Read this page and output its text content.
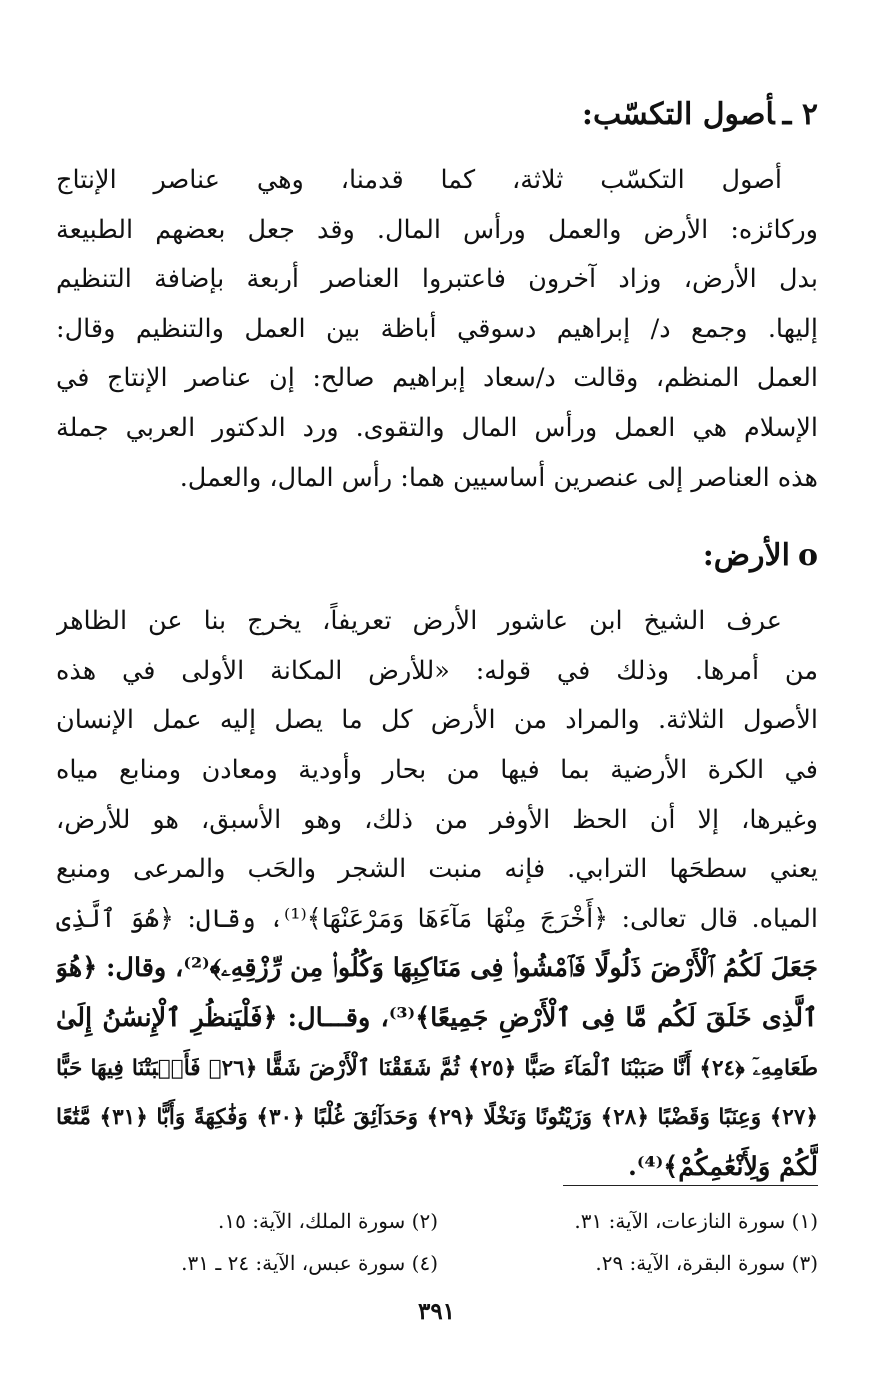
٢ ـأصول التكسّب:
أصول التكسّب ثلاثة، كما قدمنا، وهي عناصر الإنتاج
وركائزه: الأرض والعمل ورأس المال. وقد جعل بعضهم الطبيعة
بدل الأرض، وزاد آخرون فاعتبروا العناصر أربعة بإضافة التنظيم
إليها. وجمع د/ إبراهيم دسوقي أباظة بين العمل والتنظيم وقال:
العمل المنظم، وقالت د/سعاد إبراهيم صالح: إن عناصر الإنتاج في
الإسلام هي العمل ورأس المال والتقوى. ورد الدكتور العربي جملة
هذه العناصر إلى عنصرين أساسيين هما: رأس المال، والعمل.
οالأرض:
عرف الشيخ ابن عاشور الأرض تعريفاً، يخرج بنا عن الظاهر
من أمرها. وذلك في قوله: «للأرض المكانة الأولى في هذه
الأصول الثلاثة. والمراد من الأرض كل ما يصل إليه عمل الإنسان
في الكرة الأرضية بما فيها من بحار وأودية ومعادن ومنابع مياه
وغيرها، إلا أن الحظ الأوفر من ذلك، وهو الأسبق، هو للأرض،
يعني سطحَها الترابي. فإنه منبت الشجر والحَب والمرعى ومنبع
المياه. قال تعالى: ﴿أَخْرَجَ مِنْهَا مَآءَهَا وَمَرْعَنْهَا﴾⁽¹⁾، وقال: ﴿هُوَ ٱلَّذِى
جَعَلَ لَكُمُ ٱلْأَرْضَ ذَلُولًا فَٱمْشُوا۟ فِى مَنَاكِبِهَا وَكُلُوا۟ مِن رِّزْقِهِۦ﴾⁽²⁾، وقال: ﴿هُوَ
ٱلَّذِى خَلَقَ لَكُم مَّا فِى ٱلْأَرْضِ جَمِيعًا﴾⁽³⁾، وقـــال: ﴿فَلْيَنظُرِ ٱلْإِنسَٰنُ إِلَىٰ
طَعَامِهِۦٓ ﴿٢٤﴾ أَنَّا صَبَبْنَا ٱلْمَآءَ صَبًّا ﴿٢٥﴾ ثُمَّ شَقَقْنَا ٱلْأَرْضَ شَقًّا ﴿٢٦﴾ فَأَنۢبَتْنَا فِيهَا حَبًّا
﴿٢٧﴾ وَعِنَبًا وَقَضْبًا ﴿٢٨﴾ وَزَيْتُونًا وَنَخْلًا ﴿٢٩﴾ وَحَدَآئِقَ غُلْبًا ﴿٣٠﴾ وَفَٰكِهَةً وَأَبًّا ﴿٣١﴾ مَّتَٰعًا
لَّكُمْ وَلِأَنْعَٰمِكُمْ﴾⁽⁴⁾.
(١) سورة النازعات، الآية: ٣١.
(٢) سورة الملك، الآية: ١٥.
(٣) سورة البقرة، الآية: ٢٩.
(٤) سورة عبس، الآية: ٢٤ ـ ٣١.
٣٩١
